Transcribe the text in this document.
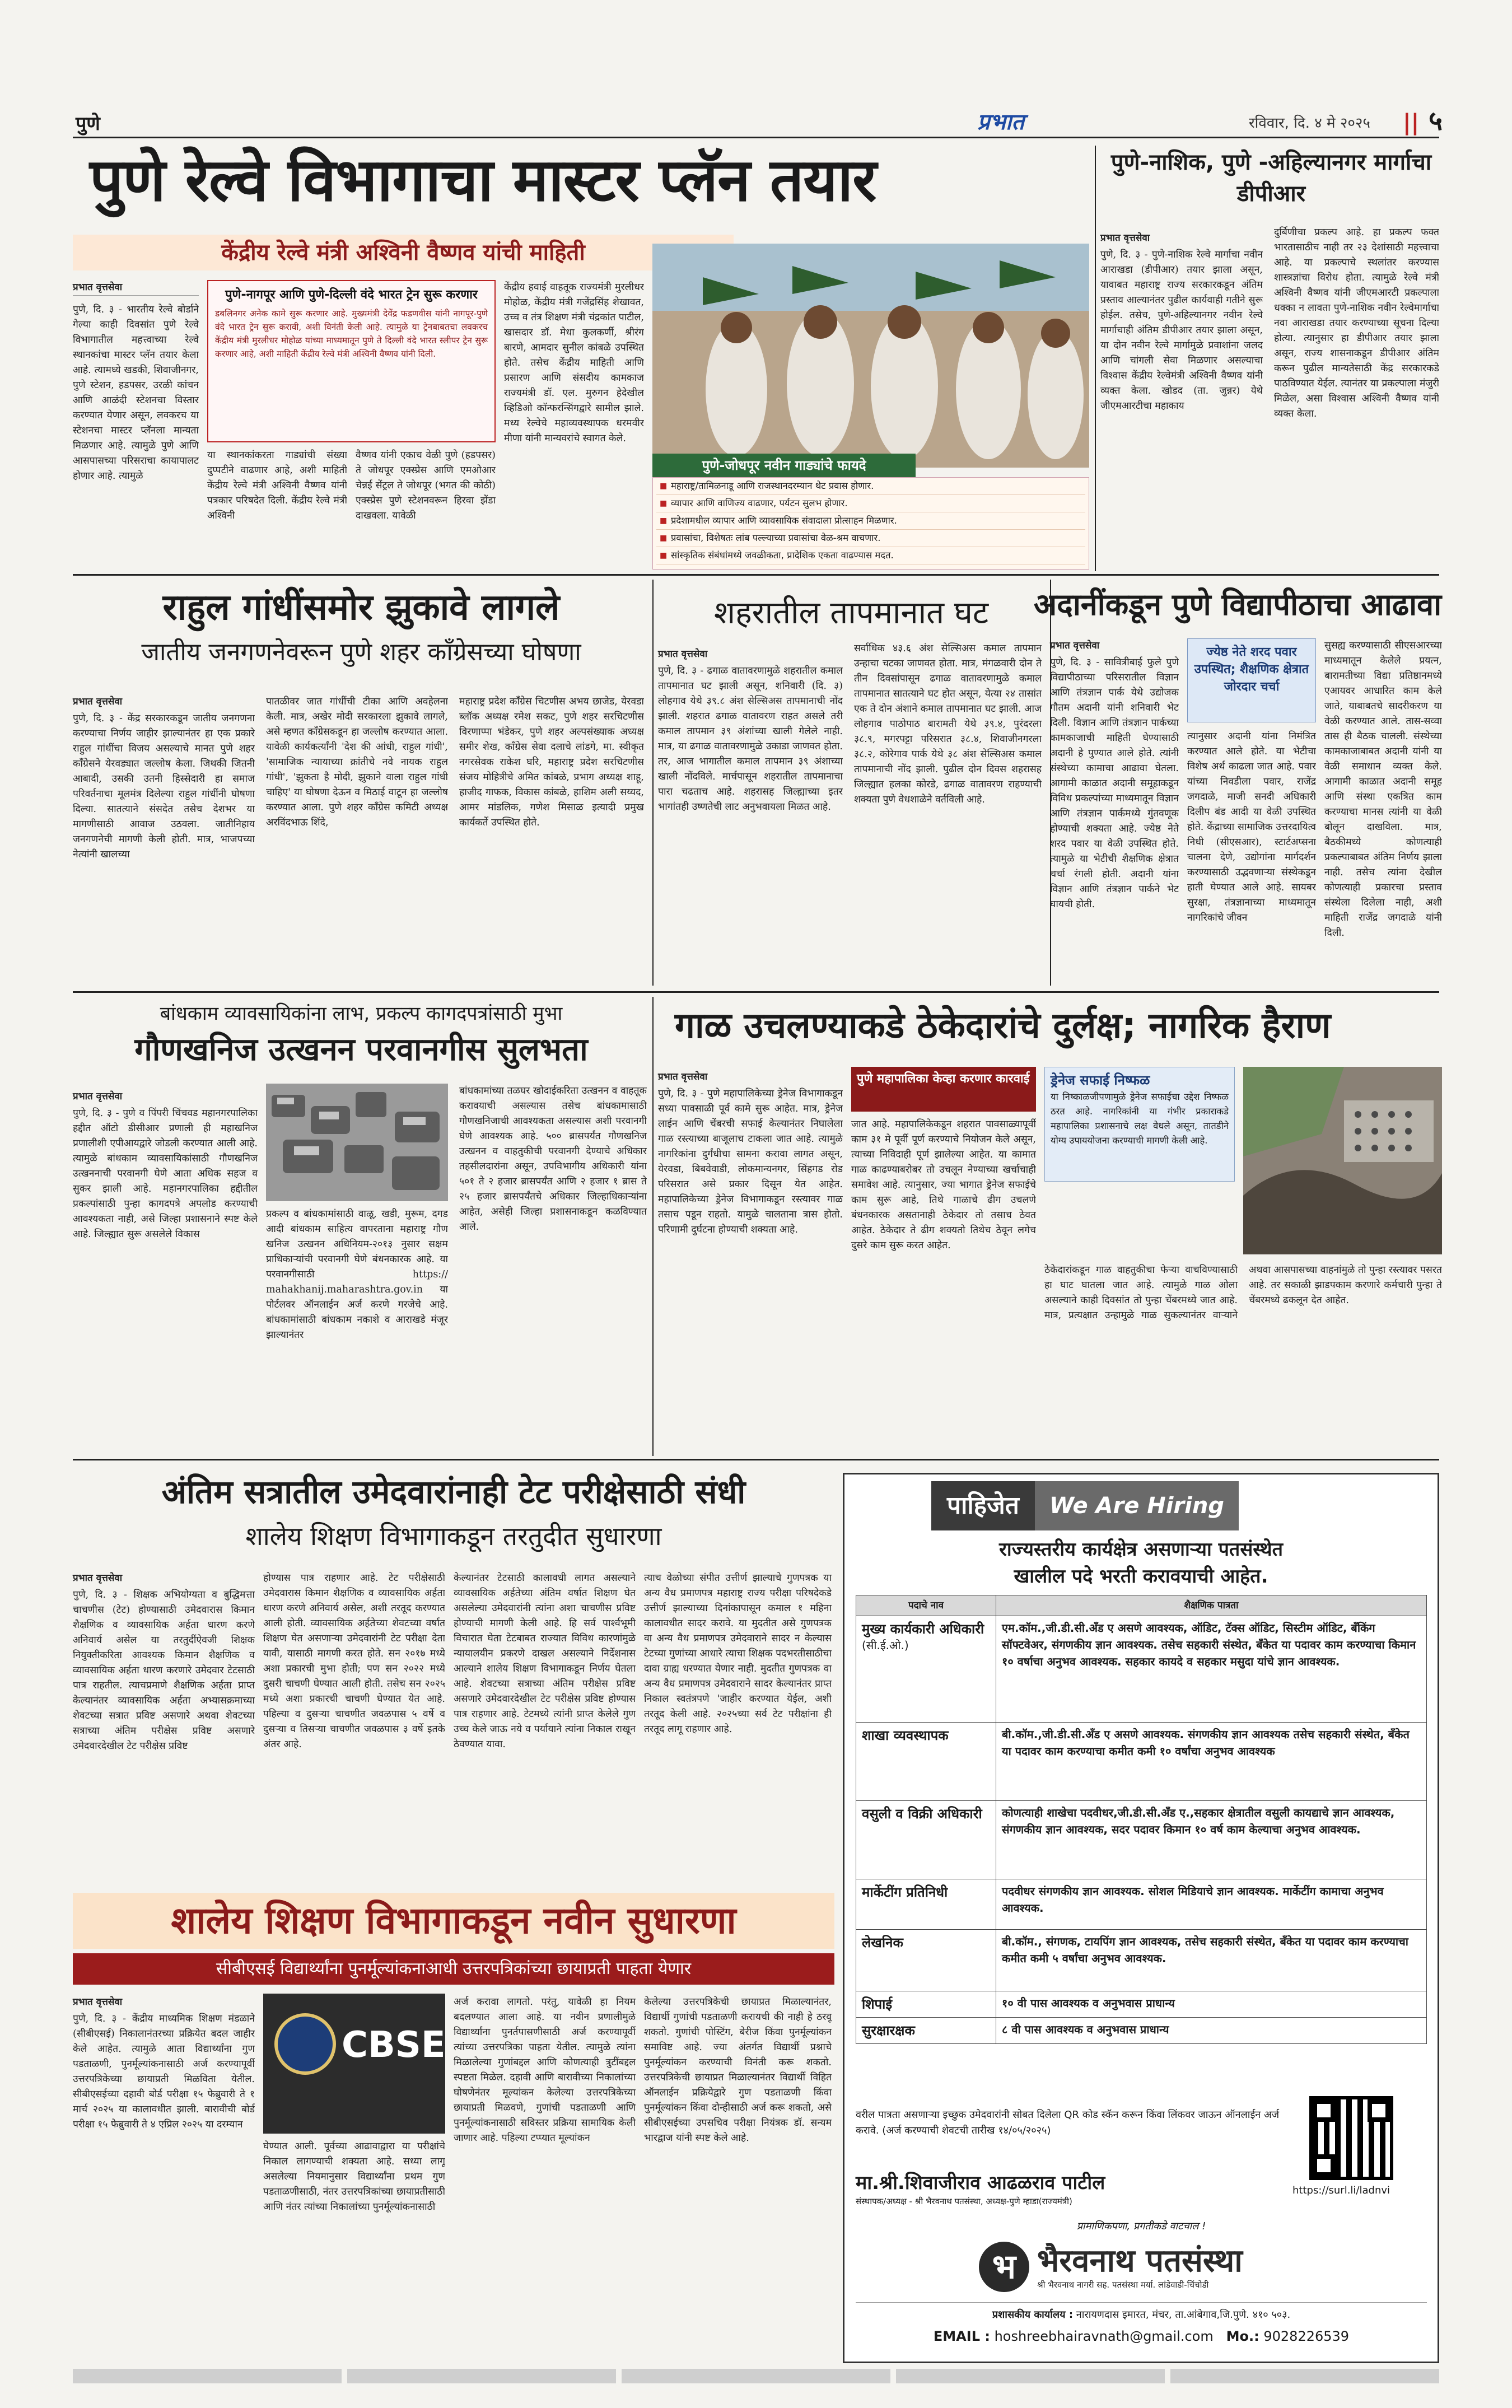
पुणे	प्रभात	रविवार, दि. ४ मे २०२५ || ५
पुणे रेल्वे विभागाचा मास्टर प्लॅन तयार
केंद्रीय रेल्वे मंत्री अश्विनी वैष्णव यांची माहिती
प्रभात वृत्तसेवा

पुणे, दि. ३ - भारतीय रेल्वे बोर्डाने गेल्या काही दिवसांत पुणे रेल्वे विभागातील महत्त्वाच्या रेल्वे स्थानकांचा मास्टर प्लॅन तयार केला आहे. त्यामध्ये खडकी, शिवाजीनगर, पुणे स्टेशन, हडपसर, उरळी कांचन आणि आळंदी स्टेशनचा विस्तार करण्यात येणार असून, लवकरच या स्टेशनचा मास्टर प्लॅनला मान्यता मिळणार आहे. त्यामुळे पुणे आणि आसपासच्या परिसराचा कायापालट होणार आहे. त्यामुळे

पुणे-नागपूर आणि पुणे-दिल्ली वंदे भारत ट्रेन सुरू करणार

डबलिनगर अनेक कामे सुरू करणार आहे. मुख्यमंत्री देवेंद्र फडणवीस यांनी नागपूर-पुणे वंदे भारत ट्रेन सुरू करावी, अशी विनंती केली आहे. त्यामुळे या ट्रेनबाबतचा लवकरच केंद्रीय मंत्री मुरलीधर मोहोळ यांच्या माध्यमातून पुणे ते दिल्ली वंदे भारत स्लीपर ट्रेन सुरू करणार आहे, अशी माहिती केंद्रीय रेल्वे मंत्री अश्विनी वैष्णव यांनी दिली.

या स्थानकांकरता गाड्यांची संख्या दुप्पटीने वाढणार आहे, अशी माहिती केंद्रीय रेल्वे मंत्री अश्विनी वैष्णव यांनी पत्रकार परिषदेत दिली. केंद्रीय रेल्वे मंत्री अश्विनी

वैष्णव यांनी एकाच वेळी पुणे (हडपसर) ते जोधपूर एक्स्प्रेस आणि एमओआर चेन्नई सेंट्रल ते जोधपूर (भगत की कोठी) एक्स्प्रेस पुणे स्टेशनवरून हिरवा झेंडा दाखवला. यावेळी

केंद्रीय हवाई वाहतूक राज्यमंत्री मुरलीधर मोहोळ, केंद्रीय मंत्री गजेंद्रसिंह शेखावत, उच्च व तंत्र शिक्षण मंत्री चंद्रकांत पाटील, खासदार डॉ. मेधा कुलकर्णी, श्रीरंग बारणे, आमदार सुनील कांबळे उपस्थित होते. तसेच केंद्रीय माहिती आणि प्रसारण आणि संसदीय कामकाज राज्यमंत्री डॉ. एल. मुरुगन हेदेखील व्हिडिओ कॉन्फरन्सिंगद्वारे सामील झाले. मध्य रेल्वेचे महाव्यवस्थापक धरमवीर मीणा यांनी मान्यवरांचे स्वागत केले.

पुणे-जोधपूर नवीन गाड्यांचे फायदे
■ महाराष्ट्र/तामिळनाडू आणि राजस्थानदरम्यान थेट प्रवास होणार.
■ व्यापार आणि वाणिज्य वाढणार, पर्यटन सुलभ होणार.
■ प्रदेशामधील व्यापार आणि व्यावसायिक संवादाला प्रोत्साहन मिळणार.
■ प्रवासांचा, विशेषतः लांब पल्ल्याच्या प्रवासांचा वेळ-श्रम वाचणार.
■ सांस्कृतिक संबंधांमध्ये जवळीकता, प्रादेशिक एकता वाढण्यास मदत.
पुणे-नाशिक, पुणे -अहिल्यानगर मार्गाचा डीपीआर
प्रभात वृत्तसेवा

पुणे, दि. ३ - पुणे-नाशिक रेल्वे मार्गाचा नवीन आराखडा (डीपीआर) तयार झाला असून, यावाबत महाराष्ट्र राज्य सरकारकडून अंतिम प्रस्ताव आल्यानंतर पुढील कार्यवाही गतीने सुरू होईल. तसेच, पुणे-अहिल्यानगर नवीन रेल्वे मार्गाचाही अंतिम डीपीआर तयार झाला असून, या दोन नवीन रेल्वे मार्गामुळे प्रवाशांना जलद आणि चांगली सेवा मिळणार असल्याचा विश्वास केंद्रीय रेल्वेमंत्री अश्विनी वैष्णव यांनी व्यक्त केला. खोडद (ता. जुन्नर) येथे जीएमआरटीचा महाकाय

दुर्बिणीचा प्रकल्प आहे. हा प्रकल्प फक्त भारतासाठीच नाही तर २३ देशांसाठी महत्त्वाचा आहे. या प्रकल्पाचे स्थलांतर करण्यास शास्त्रज्ञांचा विरोध होता. त्यामुळे रेल्वे मंत्री अश्विनी वैष्णव यांनी जीएमआरटी प्रकल्पाला धक्का न लावता पुणे-नाशिक नवीन रेल्वेमार्गाचा नवा आराखडा तयार करण्याच्या सूचना दिल्या होत्या. त्यानुसार हा डीपीआर तयार झाला असून, राज्य शासनाकडून डीपीआर अंतिम करून पुढील मान्यतेसाठी केंद्र सरकारकडे पाठविण्यात येईल. त्यानंतर या प्रकल्पाला मंजुरी मिळेल, असा विश्वास अश्विनी वैष्णव यांनी व्यक्त केला.

राहुल गांधींसमोर झुकावे लागले
जातीय जनगणनेवरून पुणे शहर काँग्रेसच्या घोषणा
प्रभात वृत्तसेवा

पुणे, दि. ३ - केंद्र सरकारकडून जातीय जनगणना करण्याचा निर्णय जाहीर झाल्यानंतर हा एक प्रकारे राहुल गांधींचा विजय असल्याचे मानत पुणे शहर काँग्रेसने येरवड्यात जल्लोष केला. जिथकी जितनी आबादी, उसकी उतनी हिस्सेदारी हा समाज परिवर्तनाचा मूलमंत्र दिलेल्या राहुल गांधींनी घोषणा दिल्या. सातत्याने संसदेत तसेच देशभर या मागणीसाठी आवाज उठवला. जातीनिहाय जनगणनेची मागणी केली होती. मात्र, भाजपच्या नेत्यांनी खालच्या

पातळीवर जात गांधींची टीका आणि अवहेलना केली. मात्र, अखेर मोदी सरकारला झुकावे लागले, असे म्हणत काँग्रेसकडून हा जल्लोष करण्यात आला. यावेळी कार्यकर्त्यांनी 'देश की आंधी, राहुल गांधी', 'सामाजिक न्यायाच्या क्रांतीचे नवे नायक राहुल गांधी', 'झुकता है मोदी, झुकाने वाला राहुल गांधी चाहिए' या घोषणा देऊन व मिठाई वाटून हा जल्लोष करण्यात आला. पुणे शहर काँग्रेस कमिटी अध्यक्ष अरविंदभाऊ शिंदे,

महाराष्ट्र प्रदेश काँग्रेस चिटणीस अभय छाजेड, येरवडा ब्लॉक अध्यक्ष रमेश सकट, पुणे शहर सरचिटणीस विरणाप्पा भंडेकर, पुणे शहर अल्पसंख्याक अध्यक्ष समीर शेख, काँग्रेस सेवा दलाचे लांडगे, मा. स्वीकृत नगरसेवक राकेश घरि, महाराष्ट्र प्रदेश सरचिटणीस संजय मोहित्रीचे अमित कांबळे, प्रभाग अध्यक्ष शाहू, हाजीद गाफक, विकास कांबळे, हाशिम अली सय्यद, आमर मांडलिक, गणेश मिसाळ इत्यादी प्रमुख कार्यकर्ते उपस्थित होते.

शहरातील तापमानात घट
प्रभात वृत्तसेवा

पुणे, दि. ३ - ढगाळ वातावरणामुळे शहरातील कमाल तापमानात घट झाली असून, शनिवारी (दि. ३) लोहगाव येथे ३९.८ अंश सेल्सिअस तापमानाची नोंद झाली. शहरात ढगाळ वातावरण राहत असले तरी कमाल तापमान ३९ अंशांच्या खाली गेलेले नाही. मात्र, या ढगाळ वातावरणामुळे उकाडा जाणवत होता. तर, आज भागातील कमाल तापमान ३९ अंशाच्या खाली नोंदविले. मार्चपासून शहरातील तापमानाचा पारा चढताच आहे. शहरासह जिल्ह्याच्या इतर भागांतही उष्णतेची लाट अनुभवायला मिळत आहे.

सर्वाधिक ४३.६ अंश सेल्सिअस कमाल तापमान उन्हाचा चटका जाणवत होता. मात्र, मंगळवारी दोन ते तीन दिवसांपासून ढगाळ वातावरणामुळे कमाल तापमानात सातत्याने घट होत असून, येत्या २४ तासांत एक ते दोन अंशाने कमाल तापमानात घट झाली. आज लोहगाव पाठोपाठ बारामती येथे ३९.४, पुरंदरला ३८.९, मगरपट्टा परिसरात ३८.४, शिवाजीनगरला ३८.२, कोरेगाव पार्क येथे ३८ अंश सेल्सिअस कमाल तापमानाची नोंद झाली. पुढील दोन दिवस शहरासह जिल्ह्यात हलका कोरडे, ढगाळ वातावरण राहण्याची शक्यता पुणे वेधशाळेने वर्तविली आहे.

अदानींकडून पुणे विद्यापीठाचा आढावा
प्रभात वृत्तसेवा

पुणे, दि. ३ - सावित्रीबाई फुले पुणे विद्यापीठाच्या परिसरातील विज्ञान आणि तंत्रज्ञान पार्क येथे उद्योजक गौतम अदानी यांनी शनिवारी भेट दिली. विज्ञान आणि तंत्रज्ञान पार्कच्या कामकाजाची माहिती घेण्यासाठी अदानी हे पुण्यात आले होते. त्यांनी संस्थेच्या कामाचा आढावा घेतला. आगामी काळात अदानी समूहाकडून विविध प्रकल्पांच्या माध्यमातून विज्ञान आणि तंत्रज्ञान पार्कमध्ये गुंतवणूक होण्याची शक्यता आहे. ज्येष्ठ नेते शरद पवार या वेळी उपस्थित होते. त्यामुळे या भेटीची शैक्षणिक क्षेत्रात चर्चा रंगली होती. अदानी यांना विज्ञान आणि तंत्रज्ञान पार्कने भेट घायची होती.

ज्येष्ठ नेते शरद पवार उपस्थित; शैक्षणिक क्षेत्रात जोरदार चर्चा

त्यानुसार अदानी यांना निमंत्रित करण्यात आले होते. या भेटीचा विशेष अर्थ काढला जात आहे. पवार यांच्या निवडीला पवार, राजेंद्र जगदाळे, माजी सनदी अधिकारी दिलीप बंड आदी या वेळी उपस्थित होते. केंद्राच्या सामाजिक उत्तरदायित्व निधी (सीएसआर), स्टार्टअप्सना चालना देणे, उद्योगांना मार्गदर्शन करण्यासाठी उद्भवणाऱ्या संस्थेकडून हाती घेण्यात आले आहे. सायबर सुरक्षा, तंत्रज्ञानाच्या माध्यमातून नागरिकांचे जीवन

सुसह्य करण्यासाठी सीएसआरच्या माध्यमातून केलेले प्रयत्न, बारामतीच्या विद्या प्रतिष्ठानमध्ये एआयवर आधारित काम केले जाते, याबाबतचे सादरीकरण या वेळी करण्यात आले. तास-सव्वा तास ही बैठक चालली. संस्थेच्या कामकाजाबाबत अदानी यांनी या वेळी समाधान व्यक्त केले. आगामी काळात अदानी समूह आणि संस्था एकत्रित काम करण्याचा मानस त्यांनी या वेळी बोलून दाखविला. मात्र, बैठकीमध्ये कोणत्याही प्रकल्पाबाबत अंतिम निर्णय झाला नाही. तसेच त्यांना देखील कोणत्याही प्रकारचा प्रस्ताव संस्थेला दिलेला नाही, अशी माहिती राजेंद्र जगदाळे यांनी दिली.

बांधकाम व्यावसायिकांना लाभ, प्रकल्प कागदपत्रांसाठी मुभा
गौणखनिज उत्खनन परवानगीस सुलभता
प्रभात वृत्तसेवा

पुणे, दि. ३ - पुणे व पिंपरी चिंचवड महानगरपालिका हद्दीत ऑटो डीसीआर प्रणाली ही महाखनिज प्रणालीशी एपीआयद्वारे जोडली करण्यात आली आहे. त्यामुळे बांधकाम व्यावसायिकांसाठी गौणखनिज उत्खननाची परवानगी घेणे आता अधिक सहज व सुकर झाली आहे. महानगरपालिका हद्दीतील प्रकल्पांसाठी पुन्हा कागदपत्रे अपलोड करण्याची आवश्यकता नाही, असे जिल्हा प्रशासनाने स्पष्ट केले आहे. जिल्ह्यात सुरू असलेले विकास

प्रकल्प व बांधकामांसाठी वाळू, खडी, मुरूम, दगड आदी बांधकाम साहित्य वापरताना महाराष्ट्र गौण खनिज उत्खनन अधिनियम-२०१३ नुसार सक्षम प्राधिकाऱ्यांची परवानगी घेणे बंधनकारक आहे. या परवानगीसाठी https:// mahakhanij.maharashtra.gov.in या पोर्टलवर ऑनलाईन अर्ज करणे गरजेचे आहे. बांधकामांसाठी बांधकाम नकाशे व आराखडे मंजूर झाल्यानंतर

बांधकामांच्या तळघर खोदाईकरिता उत्खनन व वाहतूक करावयाची असल्यास तसेच बांधकामासाठी गौणखनिजाची आवश्यकता असल्यास अशी परवानगी घेणे आवश्यक आहे. ५०० ब्रासपर्यंत गौणखनिज उत्खनन व वाहतुकीची परवानगी देण्याचे अधिकार तहसीलदारांना असून, उपविभागीय अधिकारी यांना ५०१ ते २ हजार ब्रासपर्यंत आणि २ हजार १ ब्रास ते २५ हजार ब्रासपर्यंतचे अधिकार जिल्हाधिकाऱ्यांना आहेत, असेही जिल्हा प्रशासनाकडून कळविण्यात आले.

गाळ उचलण्याकडे ठेकेदारांचे दुर्लक्ष; नागरिक हैराण
प्रभात वृत्तसेवा

पुणे, दि. ३ - पुणे महापालिकेच्या ड्रेनेज विभागाकडून सध्या पावसाळी पूर्व कामे सुरू आहेत. मात्र, ड्रेनेज लाईन आणि चेंबरची सफाई केल्यानंतर निघालेला गाळ रस्त्याच्या बाजूलाच टाकला जात आहे. त्यामुळे नागरिकांना दुर्गंधीचा सामना करावा लागत असून, येरवडा, बिबवेवाडी, लोकमान्यनगर, सिंहगड रोड परिसरात असे प्रकार दिसून येत आहेत. महापालिकेच्या ड्रेनेज विभागाकडून रस्त्यावर गाळ तसाच पडून राहतो. यामुळे चालताना त्रास होतो. परिणामी दुर्घटना होण्याची शक्यता आहे.

पुणे महापालिका केव्हा करणार कारवाई

जात आहे. महापालिकेकडून शहरात पावसाळ्यापूर्वी काम ३१ मे पूर्वी पूर्ण करण्याचे नियोजन केले असून, त्याच्या निविदाही पूर्ण झालेल्या आहेत. या कामात गाळ काढण्याबरोबर तो उचलून नेण्याच्या खर्चाचाही समावेश आहे. त्यानुसार, ज्या भागात ड्रेनेज सफाईचे काम सुरू आहे, तिथे गाळाचे ढीग उचलणे बंधनकारक असतानाही ठेकेदार तो तसाच ठेवत आहेत. ठेकेदार ते ढीग शक्यतो तिथेच ठेवून लगेच दुसरे काम सुरू करत आहेत.

ड्रेनेज सफाई निष्फळ

या निष्काळजीपणामुळे ड्रेनेज सफाईचा उद्देश निष्फळ ठरत आहे. नागरिकांनी या गंभीर प्रकाराकडे महापालिका प्रशासनाचे लक्ष वेधले असून, तातडीने योग्य उपाययोजना करण्याची मागणी केली आहे.

ठेकेदारांकडून गाळ वाहतुकीचा फेऱ्या वाचविण्यासाठी हा घाट घातला जात आहे. त्यामुळे गाळ ओला असल्याने काही दिवसांत तो पुन्हा चेंबरमध्ये जात आहे. मात्र, प्रत्यक्षात उन्हामुळे गाळ सुकल्यानंतर वाऱ्याने अथवा आसपासच्या वाहनांमुळे तो पुन्हा रस्त्यावर पसरत आहे. तर सकाळी झाडपकाम करणारे कर्मचारी पुन्हा ते चेंबरमध्ये ढकलून देत आहेत.

अंतिम सत्रातील उमेदवारांनाही टेट परीक्षेसाठी संधी
शालेय शिक्षण विभागाकडून तरतुदीत सुधारणा
प्रभात वृत्तसेवा

पुणे, दि. ३ - शिक्षक अभियोग्यता व बुद्धिमत्ता चाचणीस (टेट) होण्यासाठी उमेदवारास किमान शैक्षणिक व व्यावसायिक अर्हता धारण करणे अनिवार्य असेल या तरतुदींऐवजी शिक्षक नियुक्तीकरिता आवश्यक किमान शैक्षणिक व व्यावसायिक अर्हता धारण करणारे उमेदवार टेटसाठी पात्र राहतील. त्याचप्रमाणे शैक्षणिक अर्हता प्राप्त केल्यानंतर व्यावसायिक अर्हता अभ्यासक्रमाच्या शेवटच्या सत्रात प्रविष्ट असणारे अथवा शेवटच्या सत्राच्या अंतिम परीक्षेस प्रविष्ट असणारे उमेदवारदेखील टेट परीक्षेस प्रविष्ट

होण्यास पात्र राहणार आहे. टेट परीक्षेसाठी उमेदवारास किमान शैक्षणिक व व्यावसायिक अर्हता धारण करणे अनिवार्य असेल, अशी तरतूद करण्यात आली होती. व्यावसायिक अर्हतेच्या शेवटच्या वर्षात शिक्षण घेत असणाऱ्या उमेदवारांनी टेट परीक्षा देता यावी, यासाठी मागणी करत होते. सन २०१७ मध्ये अशा प्रकारची मुभा होती; पण सन २०२२ मध्ये दुसरी चाचणी घेण्यात आली होती. तसेच सन २०२५ मध्ये अशा प्रकारची चाचणी घेण्यात येत आहे. पहिल्या व दुसऱ्या चाचणीत जवळपास ५ वर्षे व दुसऱ्या व तिसऱ्या चाचणीत जवळपास ३ वर्षे इतके अंतर आहे.

केल्यानंतर टेटसाठी कालावधी लागत असल्याने व्यावसायिक अर्हतेच्या अंतिम वर्षात शिक्षण घेत असलेल्या उमेदवारांनी त्यांना अशा चाचणीस प्रविष्ट होण्याची मागणी केली आहे. हि सर्व पार्श्वभूमी विचारात घेता टेटबाबत राज्यात विविध कारणांमुळे न्यायालयीन प्रकरणे दाखल असल्याने निर्देशनास आल्याने शालेय शिक्षण विभागाकडून निर्णय घेतला आहे. शेवटच्या सत्राच्या अंतिम परीक्षेस प्रविष्ट असणारे उमेदवारदेखील टेट परीक्षेस प्रविष्ट होण्यास पात्र राहणार आहे. टेटमध्ये त्यांनी प्राप्त केलेले गुण उच्च केले जाऊ नये व पर्यायाने त्यांना निकाल राखून ठेवण्यात यावा.

त्याच वेळोच्या संपीत उत्तीर्ण झाल्याचे गुणपत्रक या अन्य वैध प्रमाणपत्र महाराष्ट्र राज्य परीक्षा परिषदेकडे उत्तीर्ण झाल्याच्या दिनांकापासून कमाल १ महिना कालावधीत सादर करावे. या मुदतीत असे गुणपत्रक वा अन्य वैध प्रमाणपत्र उमेदवाराने सादर न केल्यास टेटच्या गुणांच्या आधारे त्याचा शिक्षक पदभरतीसाठीचा दावा ग्राह्य धरण्यात येणार नाही. मुदतीत गुणपत्रक वा अन्य वैध प्रमाणपत्र उमेदवाराने सादर केल्यानंतर प्राप्त निकाल स्वतंत्रपणे 'जाहीर करण्यात येईल, अशी तरतूद केली आहे. २०२५च्या सर्व टेट परीक्षांना ही तरतूद लागू राहणार आहे.

शालेय शिक्षण विभागाकडून नवीन सुधारणा
सीबीएसई विद्यार्थ्यांना पुनर्मूल्यांकनाआधी उत्तरपत्रिकांच्या छायाप्रती पाहता येणार
प्रभात वृत्तसेवा

पुणे, दि. ३ - केंद्रीय माध्यमिक शिक्षण मंडळाने (सीबीएसई) निकालानंतरच्या प्रक्रियेत बदल जाहीर केले आहेत. त्यामुळे आता विद्यार्थ्यांना गुण पडताळणी, पुनर्मूल्यांकनासाठी अर्ज करण्यापूर्वी उत्तरपत्रिकेच्या छायाप्रती मिळविता येतील. सीबीएसईच्या दहावी बोर्ड परीक्षा १५ फेब्रुवारी ते १ मार्च २०२५ या कालावधीत झाली. बारावीची बोर्ड परीक्षा १५ फेब्रुवारी ते ४ एप्रिल २०२५ या दरम्यान

CBSE

घेण्यात आली. पूर्वच्या आढावाद्वारा या परीक्षांचे निकाल लागण्याची शक्यता आहे. सध्या लागू असलेल्या नियमानुसार विद्यार्थ्यांना प्रथम गुण पडताळणीसाठी, नंतर उत्तरपत्रिकांच्या छायाप्रतीसाठी आणि नंतर त्यांच्या निकालांच्या पुनर्मूल्यांकनासाठी

अर्ज करावा लागतो. परंतु, यावेळी हा नियम बदलण्यात आला आहे. या नवीन प्रणालीमुळे विद्यार्थ्यांना पुनर्तपासणीसाठी अर्ज करण्यापूर्वी त्यांच्या उत्तरपत्रिका पाहता येतील. त्यामुळे त्यांना मिळालेल्या गुणांबद्दल आणि कोणत्याही त्रुटींबद्दल स्पष्टता मिळेल. दहावी आणि बारावीच्या निकालांच्या घोषणेनंतर मूल्यांकन केलेल्या उत्तरपत्रिकेच्या छायाप्रती मिळवणे, गुणांची पडताळणी आणि पुनर्मूल्यांकनासाठी सविस्तर प्रक्रिया सामायिक केली जाणार आहे. पहिल्या टप्प्यात मूल्यांकन

केलेल्या उत्तरपत्रिकेची छायाप्रत मिळाल्यानंतर, विद्यार्थी गुणांची पडताळणी करायची की नाही हे ठरवू शकतो. गुणांची पोस्टिंग, बेरीज किंवा पुनर्मूल्यांकन समाविष्ट आहे. ज्या अंतर्गत विद्यार्थी प्रश्नाचे पुनर्मूल्यांकन करण्याची विनंती करू शकतो. उत्तरपत्रिकेची छायाप्रत मिळाल्यानंतर विद्यार्थी विहित ऑनलाईन प्रक्रियेद्वारे गुण पडताळणी किंवा पुनर्मूल्यांकन किंवा दोन्हीसाठी अर्ज करू शकतो, असे सीबीएसईच्या उपसचिव परीक्षा नियंत्रक डॉ. सन्यम भारद्वाज यांनी स्पष्ट केले आहे.

पाहिजेत	We Are Hiring
राज्यस्तरीय कार्यक्षेत्र असणाऱ्या पतसंस्थेत
खालील पदे भरती करावयाची आहेत.
पदाचे नाव	शैक्षणिक पात्रता

मुख्य कार्यकारी अधिकारी
(सी.ई.ओ.)	एम.कॉम.,जी.डी.सी.ॲंड ए असणे आवश्यक, ऑडिट, टॅक्स ऑडिट, सिस्टीम ऑडिट, बँकिंग सॉफ्टवेअर, संगणकीय ज्ञान आवश्यक. तसेच सहकारी संस्थेत, बँकेत या पदावर काम करण्याचा किमान १० वर्षाचा अनुभव आवश्यक. सहकार कायदे व सहकार मसुदा यांचे ज्ञान आवश्यक.
शाखा व्यवस्थापक	बी.कॉम.,जी.डी.सी.ॲंड ए असणे आवश्यक. संगणकीय ज्ञान आवश्यक तसेच सहकारी संस्थेत, बँकेत या पदावर काम करण्याचा कमीत कमी १० वर्षांचा अनुभव आवश्यक
वसुली व विक्री अधिकारी	कोणत्याही शाखेचा पदवीधर,जी.डी.सी.ॲंड ए.,सहकार क्षेत्रातील वसुली कायद्याचे ज्ञान आवश्यक, संगणकीय ज्ञान आवश्यक, सदर पदावर किमान १० वर्ष काम केल्याचा अनुभव आवश्यक.
मार्केटींग प्रतिनिधी	पदवीधर संगणकीय ज्ञान आवश्यक. सोशल मिडियाचे ज्ञान आवश्यक. मार्केटींग कामाचा अनुभव आवश्यक.
लेखनिक	बी.कॉम., संगणक, टायपिंग ज्ञान आवश्यक, तसेच सहकारी संस्थेत, बँकेत या पदावर काम करण्याचा कमीत कमी ५ वर्षांचा अनुभव आवश्यक.
शिपाई	१० वी पास आवश्यक व अनुभवास प्राधान्य
सुरक्षारक्षक	८ वी पास आवश्यक व अनुभवास प्राधान्य

वरील पात्रता असणाऱ्या इच्छुक उमेदवारांनी सोबत दिलेला QR कोड स्कॅन करून किंवा लिंकवर जाऊन ऑनलाईन अर्ज करावे. (अर्ज करण्याची शेवटची तारीख १४/०५/२०२५)

https://surl.li/ladnvi
मा.श्री.शिवाजीराव आढळराव पाटील
संस्थापक/अध्यक्ष - श्री भैरवनाथ पतसंस्था, अध्यक्ष-पुणे म्हाडा(राज्यमंत्री)
प्रामाणिकपणा, प्रगतीकडे वाटचाल !
भ भैरवनाथ पतसंस्था
श्री भैरवनाथ नागरी सह. पतसंस्था मर्या. लांडेवाडी-चिंचोडी
प्रशासकीय कार्यालय : नारायणदास इमारत, मंचर, ता.आंबेगाव,जि.पुणे. ४१० ५०३.
EMAIL : hoshreebhairavnath@gmail.com Mo.: 9028226539
